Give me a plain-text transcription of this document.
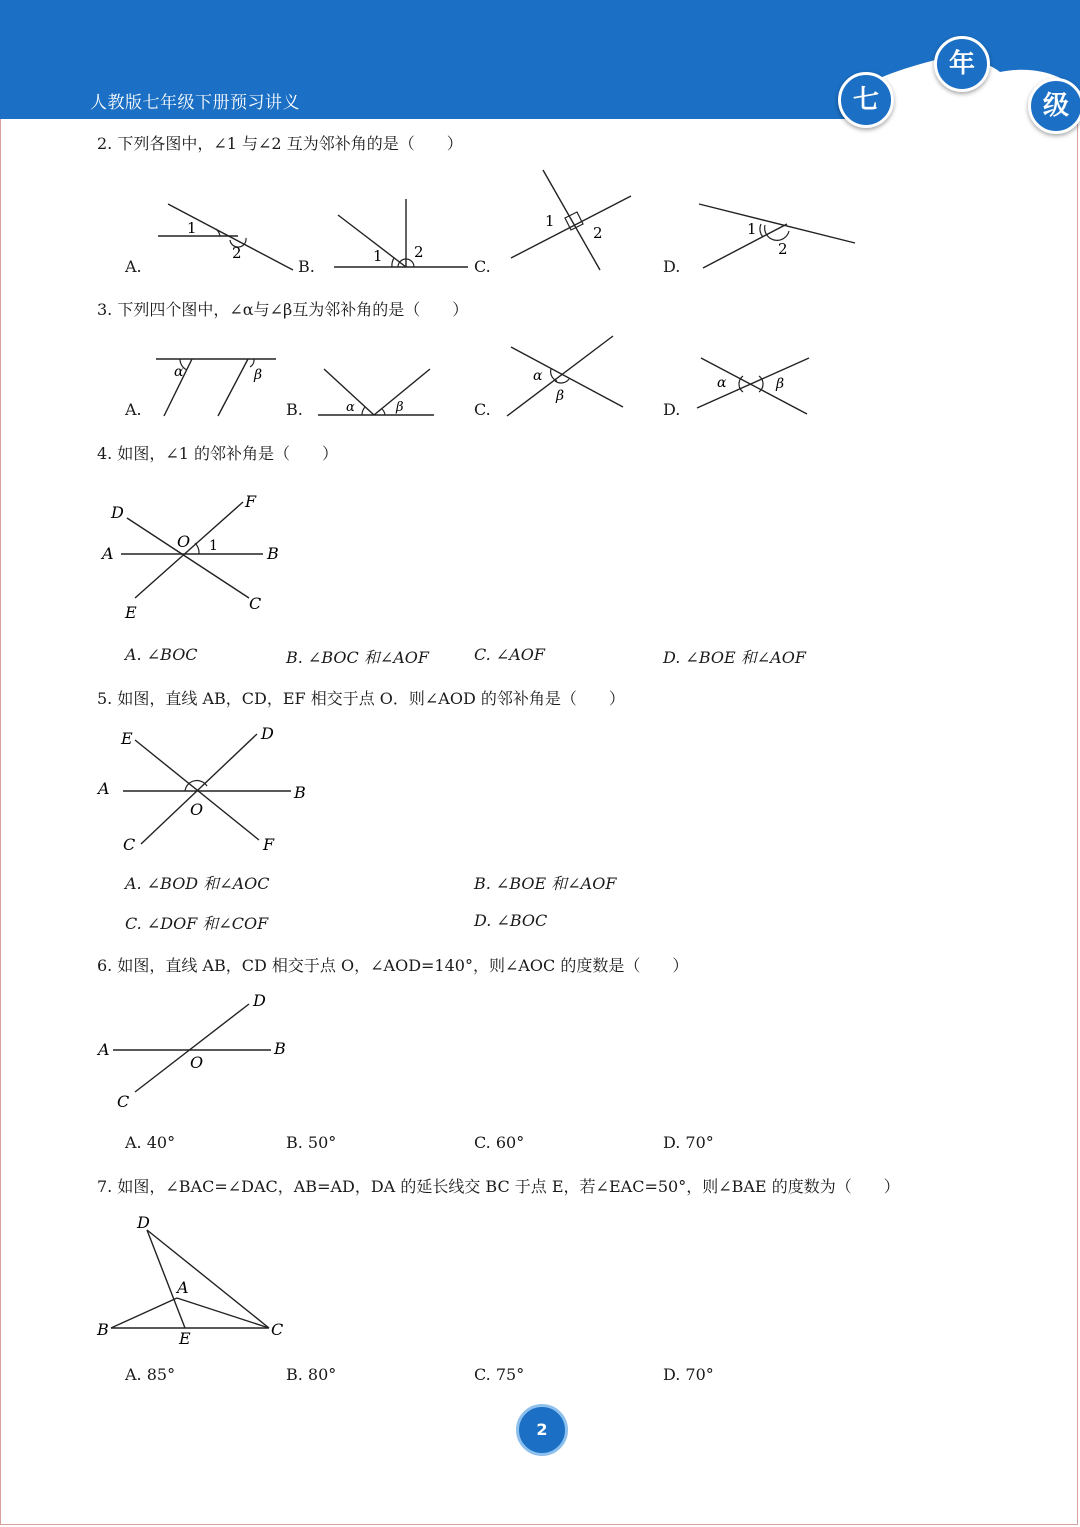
人教版七年级下册预习讲义	七
年
级
2. 下列各图中，∠1 与∠2 互为邻补角的是（　　）
A.	B.	C.	D.
1
2	1 2
1
2	1
2
3. 下列四个图中，∠α与∠β互为邻补角的是（　　）
A.	B.	C.	D.
α	β
α	β
α
β
α	β
4. 如图，∠1 的邻补角是（　　）
D
F
A
O 1	B
E	C
A. ∠BOC	B. ∠BOC 和∠AOF	C. ∠AOF	D. ∠BOE 和∠AOF
5. 如图，直线 AB，CD，EF 相交于点 O．则∠AOD 的邻补角是（　　）
E	D
A	B
O
C	F
A. ∠BOD 和∠AOC	B. ∠BOE 和∠AOF
C. ∠DOF 和∠COF	D. ∠BOC
6. 如图，直线 AB，CD 相交于点 O，∠AOD=140°，则∠AOC 的度数是（　　）
D
A	B
O
C
A. 40°	B. 50°	C. 60°	D. 70°
7. 如图，∠BAC=∠DAC，AB=AD，DA 的延长线交 BC 于点 E，若∠EAC=50°，则∠BAE 的度数为（　　）
D
A
B	E	C
A. 85°	B. 80°	C. 75°	D. 70°
2
